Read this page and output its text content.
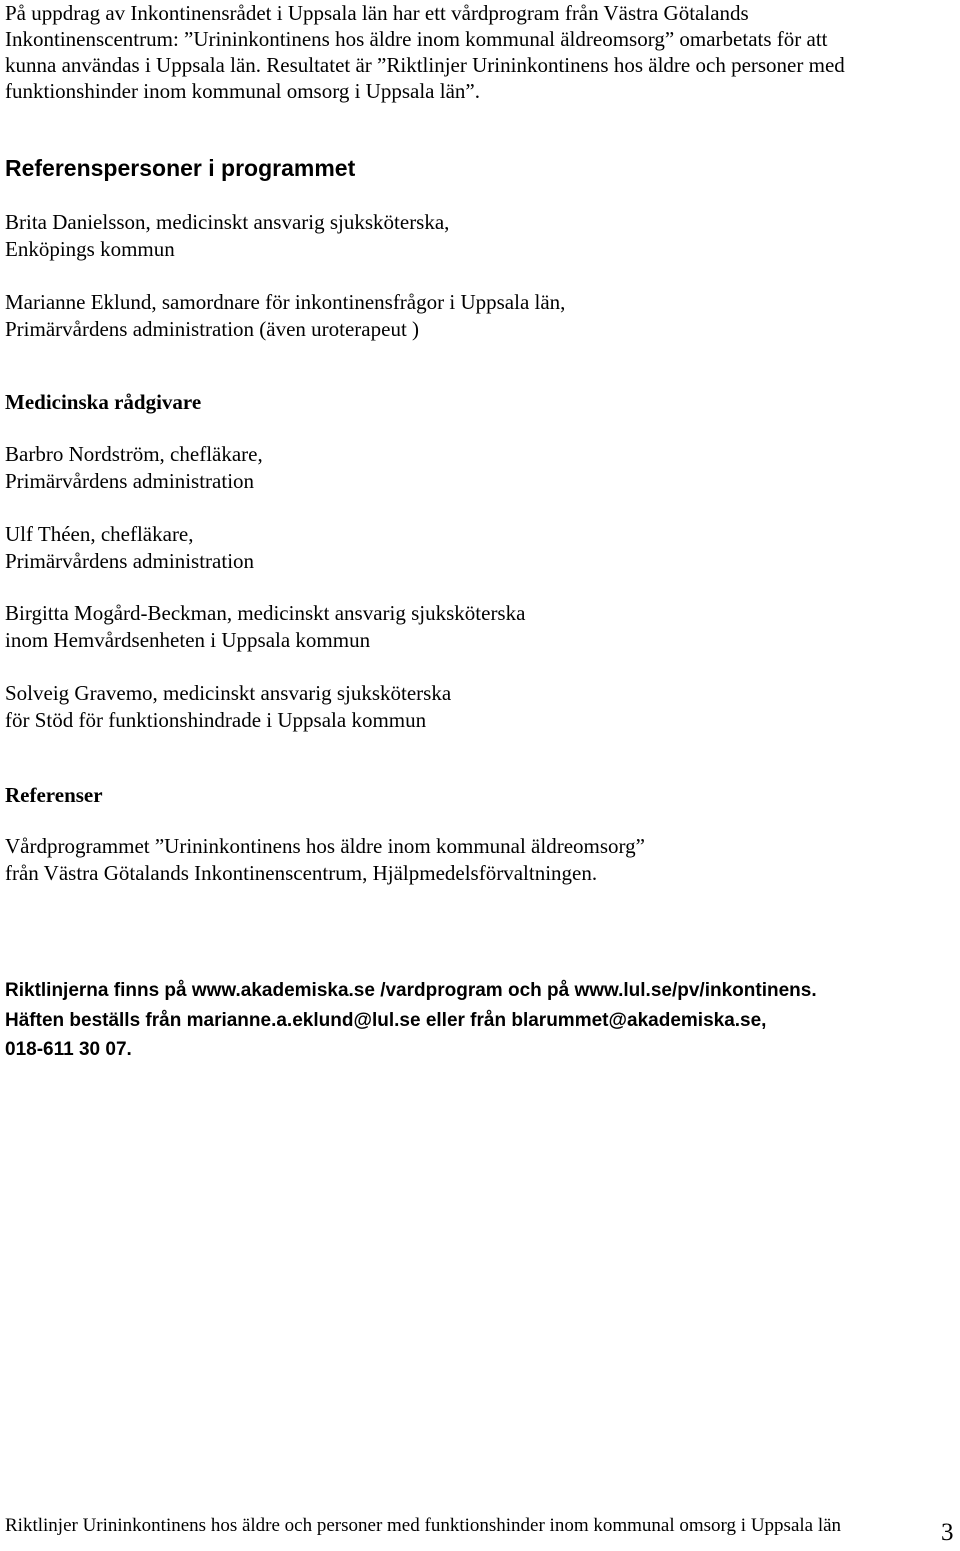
På uppdrag av Inkontinensrådet i Uppsala län har ett vårdprogram från Västra Götalands
Inkontinenscentrum: ”Urininkontinens hos äldre inom kommunal äldreomsorg” omarbetats för att
kunna användas i Uppsala län. Resultatet är ”Riktlinjer Urininkontinens hos äldre och personer med
funktionshinder inom kommunal omsorg i Uppsala län”.
Referenspersoner i programmet
Brita Danielsson, medicinskt ansvarig sjuksköterska,
Enköpings kommun
Marianne Eklund, samordnare för inkontinensfrågor i Uppsala län,
Primärvårdens administration (även uroterapeut )
Medicinska rådgivare
Barbro Nordström, chefläkare,
Primärvårdens administration
Ulf Théen, chefläkare,
Primärvårdens administration
Birgitta Mogård-Beckman, medicinskt ansvarig sjuksköterska
inom Hemvårdsenheten i Uppsala kommun
Solveig Gravemo, medicinskt ansvarig sjuksköterska
för Stöd för funktionshindrade i Uppsala kommun
Referenser
Vårdprogrammet ”Urininkontinens hos äldre inom kommunal äldreomsorg”
från Västra Götalands Inkontinenscentrum, Hjälpmedelsförvaltningen.
Riktlinjerna finns på www.akademiska.se /vardprogram och på www.lul.se/pv/inkontinens.
Häften beställs från marianne.a.eklund@lul.se eller från blarummet@akademiska.se,
018-611 30 07.
Riktlinjer Urininkontinens hos äldre och personer med funktionshinder inom kommunal omsorg i Uppsala län	3
